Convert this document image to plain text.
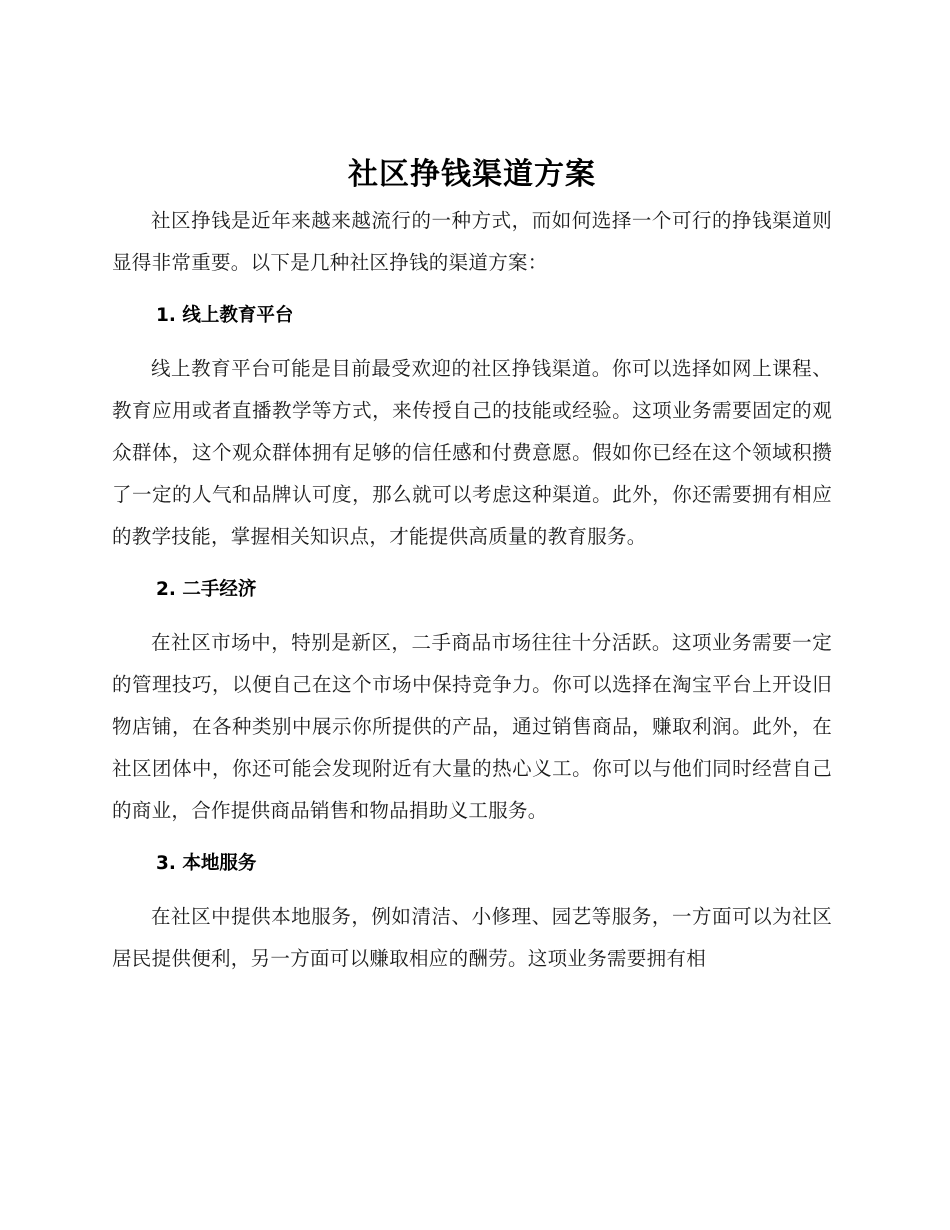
社区挣钱渠道方案

社区挣钱是近年来越来越流行的一种方式，而如何选择一个可行的挣钱渠道则显得非常重要。以下是几种社区挣钱的渠道方案：

1. 线上教育平台

线上教育平台可能是目前最受欢迎的社区挣钱渠道。你可以选择如网上课程、教育应用或者直播教学等方式，来传授自己的技能或经验。这项业务需要固定的观众群体，这个观众群体拥有足够的信任感和付费意愿。假如你已经在这个领域积攒了一定的人气和品牌认可度，那么就可以考虑这种渠道。此外，你还需要拥有相应的教学技能，掌握相关知识点，才能提供高质量的教育服务。

2. 二手经济

在社区市场中，特别是新区，二手商品市场往往十分活跃。这项业务需要一定的管理技巧，以便自己在这个市场中保持竞争力。你可以选择在淘宝平台上开设旧物店铺，在各种类别中展示你所提供的产品，通过销售商品，赚取利润。此外，在社区团体中，你还可能会发现附近有大量的热心义工。你可以与他们同时经营自己的商业，合作提供商品销售和物品捐助义工服务。

3. 本地服务

在社区中提供本地服务，例如清洁、小修理、园艺等服务，一方面可以为社区居民提供便利，另一方面可以赚取相应的酬劳。这项业务需要拥有相
